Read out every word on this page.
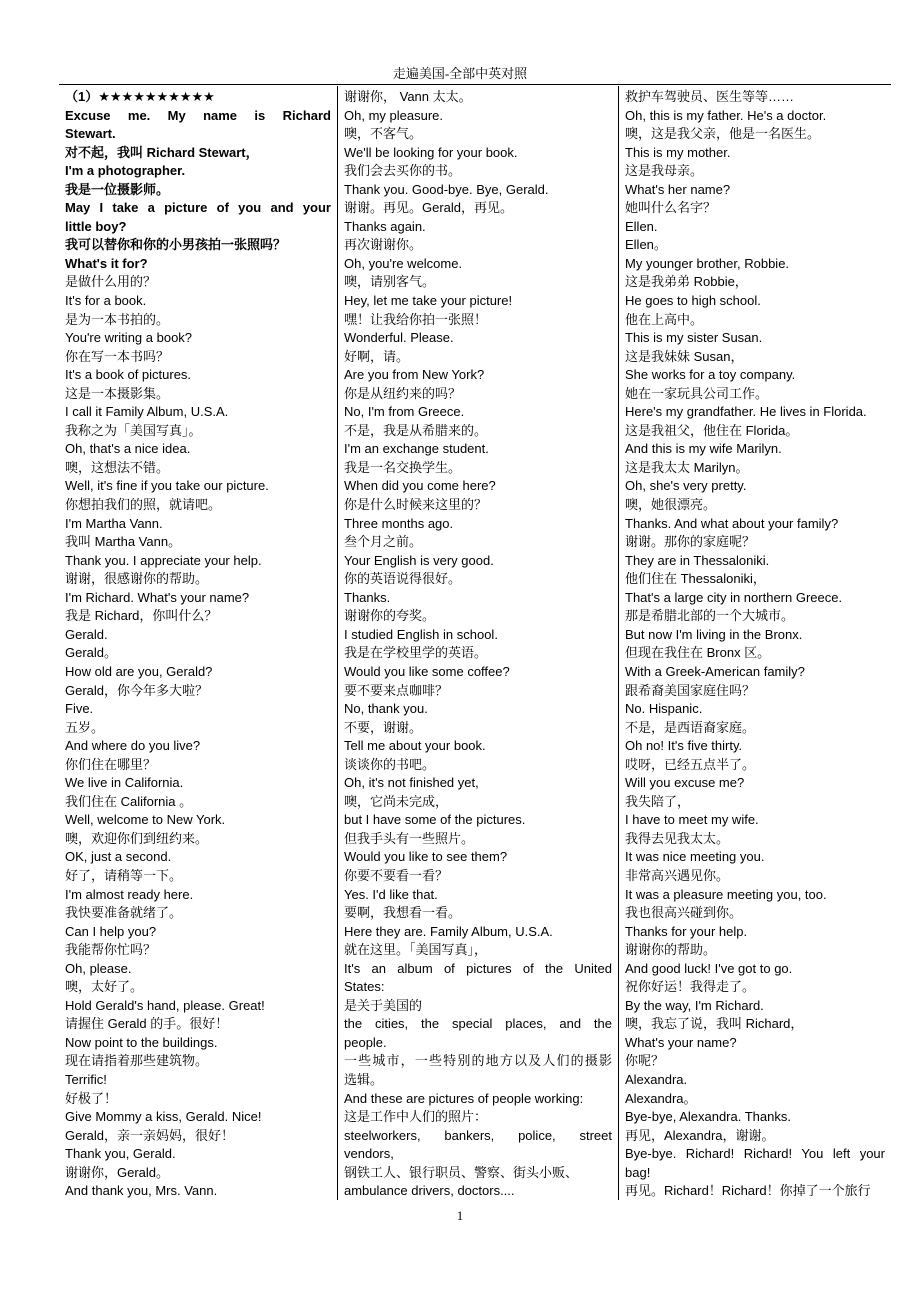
走遍美国-全部中英对照
（1）★★★★★★★★★★
Excuse me. My name is Richard
Stewart.
对不起，我叫 Richard Stewart，
I'm a photographer.
我是一位摄影师。
May I take a picture of you and your
little boy?
我可以替你和你的小男孩拍一张照吗？
What's it for?
是做什么用的？
It's for a book.
是为一本书拍的。
You're writing a book?
你在写一本书吗？
It's a book of pictures.
这是一本摄影集。
I call it Family Album, U.S.A.
我称之为「美国写真」。
Oh, that's a nice idea.
噢，这想法不错。
Well, it's fine if you take our picture.
你想拍我们的照，就请吧。
I'm Martha Vann.
我叫 Martha Vann。
Thank you. I appreciate your help.
谢谢，很感谢你的帮助。
I'm Richard. What's your name?
我是 Richard，你叫什么？
Gerald.
Gerald。
How old are you, Gerald?
Gerald，你今年多大啦？
Five.
五岁。
And where do you live?
你们住在哪里？
We live in California.
我们住在 California 。
Well, welcome to New York.
噢，欢迎你们到纽约来。
OK, just a second.
好了，请稍等一下。
I'm almost ready here.
我快要准备就绪了。
Can I help you?
我能帮你忙吗？
Oh, please.
噢，太好了。
Hold Gerald's hand, please. Great!
请握住 Gerald 的手。很好！
Now point to the buildings.
现在请指着那些建筑物。
Terrific!
好极了！
Give Mommy a kiss, Gerald. Nice!
Gerald，亲一亲妈妈，很好！
Thank you, Gerald.
谢谢你，Gerald。
And thank you, Mrs. Vann.
谢谢你， Vann 太太。
Oh, my pleasure.
噢，不客气。
We'll be looking for your book.
我们会去买你的书。
Thank you. Good-bye. Bye, Gerald.
谢谢。再见。Gerald，再见。
Thanks again.
再次谢谢你。
Oh, you're welcome.
噢，请别客气。
Hey, let me take your picture!
嘿！让我给你拍一张照！
Wonderful. Please.
好啊，请。
Are you from New York?
你是从纽约来的吗？
No, I'm from Greece.
不是，我是从希腊来的。
I'm an exchange student.
我是一名交换学生。
When did you come here?
你是什么时候来这里的？
Three months ago.
叁个月之前。
Your English is very good.
你的英语说得很好。
Thanks.
谢谢你的夸奖。
I studied English in school.
我是在学校里学的英语。
Would you like some coffee?
要不要来点咖啡？
No, thank you.
不要，谢谢。
Tell me about your book.
谈谈你的书吧。
Oh, it's not finished yet,
噢，它尚未完成，
but I have some of the pictures.
但我手头有一些照片。
Would you like to see them?
你要不要看一看？
Yes. I'd like that.
要啊，我想看一看。
Here they are. Family Album, U.S.A.
就在这里。「美国写真」，
It's an album of pictures of the United
States:
是关于美国的
the cities, the special places, and the
people.
一些城市，一些特别的地方以及人们的摄影
选辑。
And these are pictures of people working:
这是工作中人们的照片：
steelworkers, bankers, police, street
vendors,
钢铁工人、银行职员、警察、街头小贩、
ambulance drivers, doctors....
救护车驾驶员、医生等等……
Oh, this is my father. He's a doctor.
噢，这是我父亲，他是一名医生。
This is my mother.
这是我母亲。
What's her name?
她叫什么名字？
Ellen.
Ellen。
My younger brother, Robbie.
这是我弟弟 Robbie，
He goes to high school.
他在上高中。
This is my sister Susan.
这是我妹妹 Susan，
She works for a toy company.
她在一家玩具公司工作。
Here's my grandfather. He lives in Florida.
这是我祖父，他住在 Florida。
And this is my wife Marilyn.
这是我太太 Marilyn。
Oh, she's very pretty.
噢，她很漂亮。
Thanks. And what about your family?
谢谢。那你的家庭呢？
They are in Thessaloniki.
他们住在 Thessaloniki，
That's a large city in northern Greece.
那是希腊北部的一个大城市。
But now I'm living in the Bronx.
但现在我住在 Bronx 区。
With a Greek-American family?
跟希裔美国家庭住吗？
No. Hispanic.
不是，是西语裔家庭。
Oh no! It's five thirty.
哎呀，已经五点半了。
Will you excuse me?
我失陪了，
I have to meet my wife.
我得去见我太太。
It was nice meeting you.
非常高兴遇见你。
It was a pleasure meeting you, too.
我也很高兴碰到你。
Thanks for your help.
谢谢你的帮助。
And good luck! I've got to go.
祝你好运！我得走了。
By the way, I'm Richard.
噢，我忘了说，我叫 Richard，
What's your name?
你呢？
Alexandra.
Alexandra。
Bye-bye, Alexandra. Thanks.
再见，Alexandra，谢谢。
Bye-bye. Richard! Richard! You left your
bag!
再见。Richard！Richard！你掉了一个旅行
1
